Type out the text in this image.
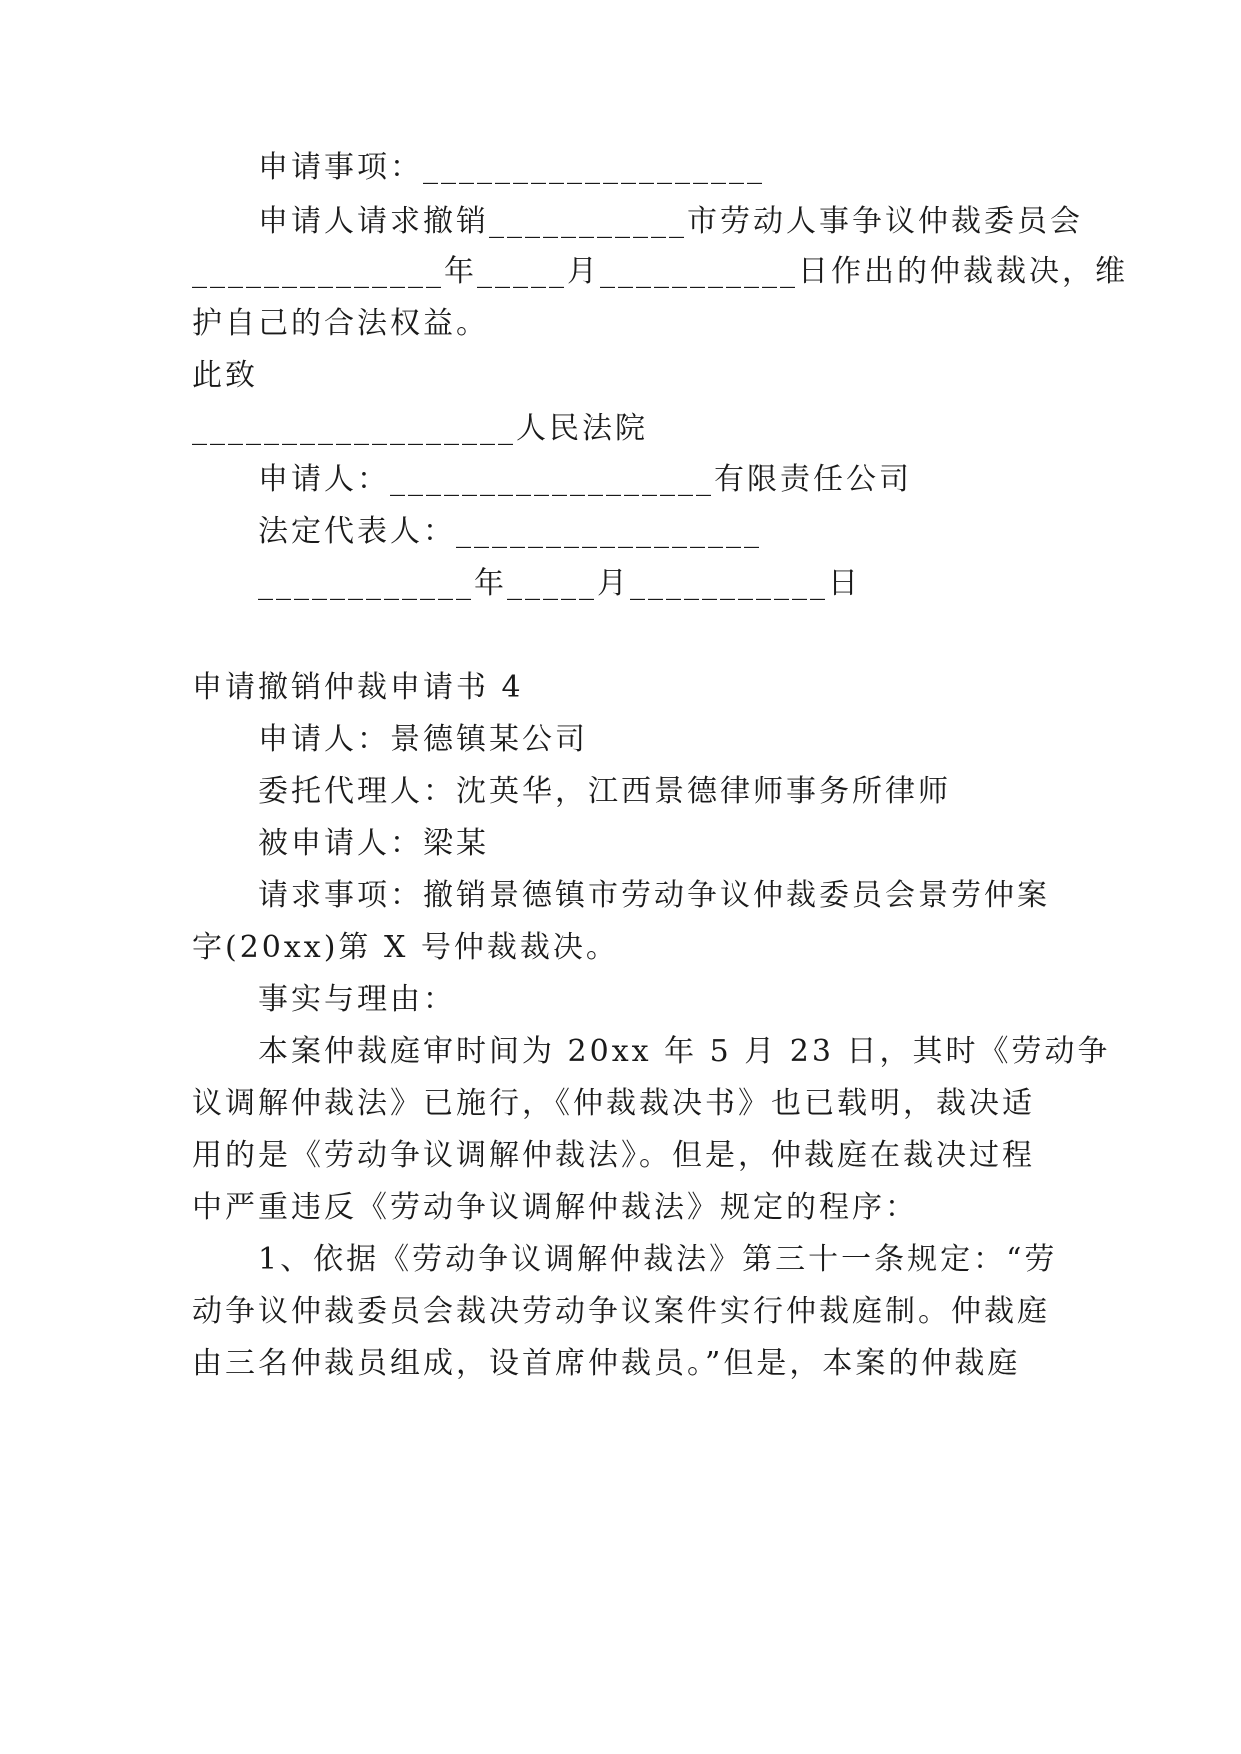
申请事项：___________________
申请人请求撤销___________市劳动人事争议仲裁委员会
______________年_____月___________日作出的仲裁裁决，维
护自己的合法权益。
此致
__________________人民法院
申请人：__________________有限责任公司
法定代表人：_________________
____________年_____月___________日
申请撤销仲裁申请书 4
申请人：景德镇某公司
委托代理人：沈英华，江西景德律师事务所律师
被申请人：梁某
请求事项：撤销景德镇市劳动争议仲裁委员会景劳仲案
字(20xx)第 X 号仲裁裁决。
事实与理由：
本案仲裁庭审时间为 20xx 年 5 月 23 日，其时《劳动争
议调解仲裁法》已施行，《仲裁裁决书》也已载明，裁决适
用的是《劳动争议调解仲裁法》。但是，仲裁庭在裁决过程
中严重违反《劳动争议调解仲裁法》规定的程序：
1、依据《劳动争议调解仲裁法》第三十一条规定：“劳
动争议仲裁委员会裁决劳动争议案件实行仲裁庭制。仲裁庭
由三名仲裁员组成，设首席仲裁员。”但是，本案的仲裁庭
